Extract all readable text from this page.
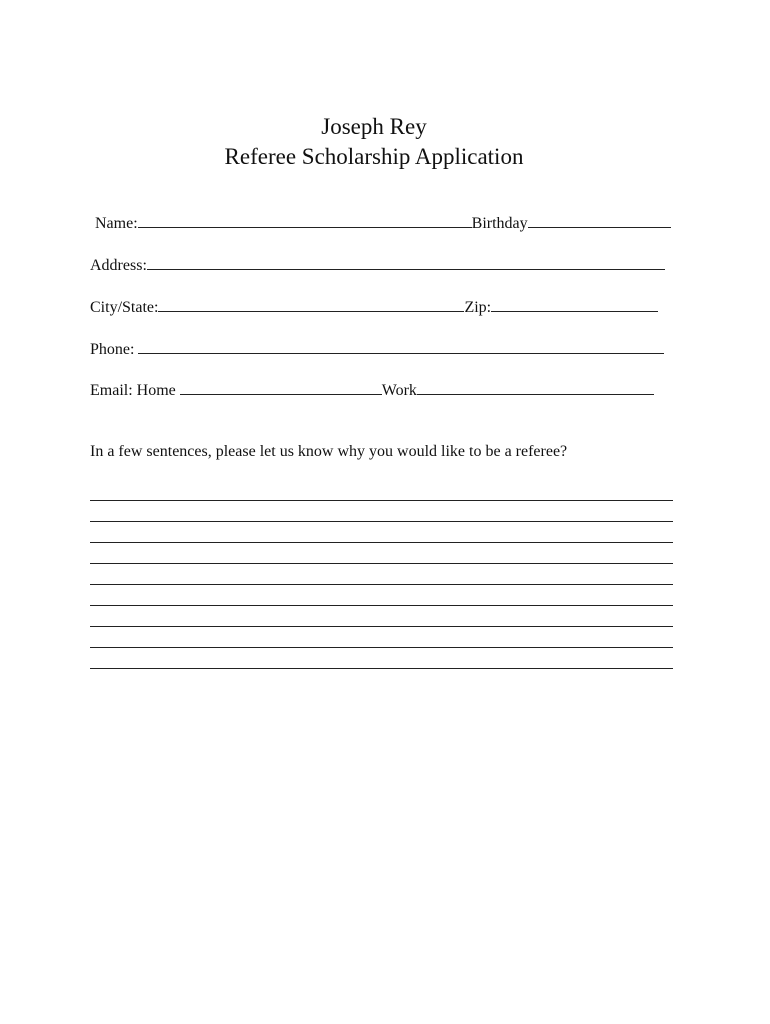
Joseph Rey
Referee Scholarship Application
Name:	Birthday
Address:
City/State:	Zip:
Phone:
Email: Home	Work
In a few sentences, please let us know why you would like to be a referee?
